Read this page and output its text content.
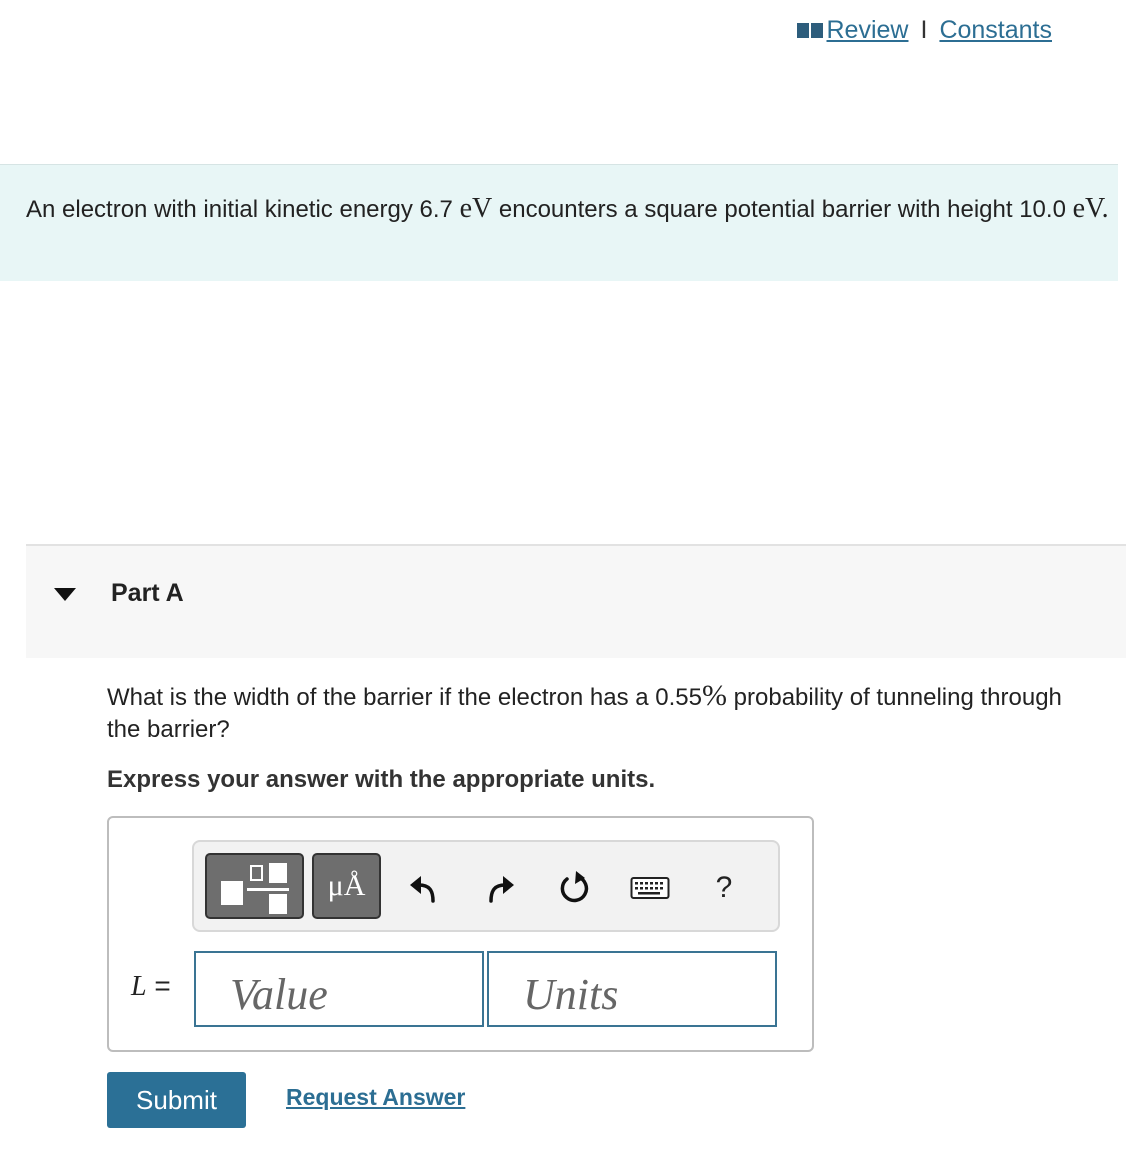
Review I Constants
An electron with initial kinetic energy 6.7 eV encounters a square potential barrier with height 10.0 eV.
Part A
What is the width of the barrier if the electron has a 0.55% probability of tunneling through the barrier?
Express your answer with the appropriate units.
μÅ	?
L =
Value
Units
Submit	Request Answer
